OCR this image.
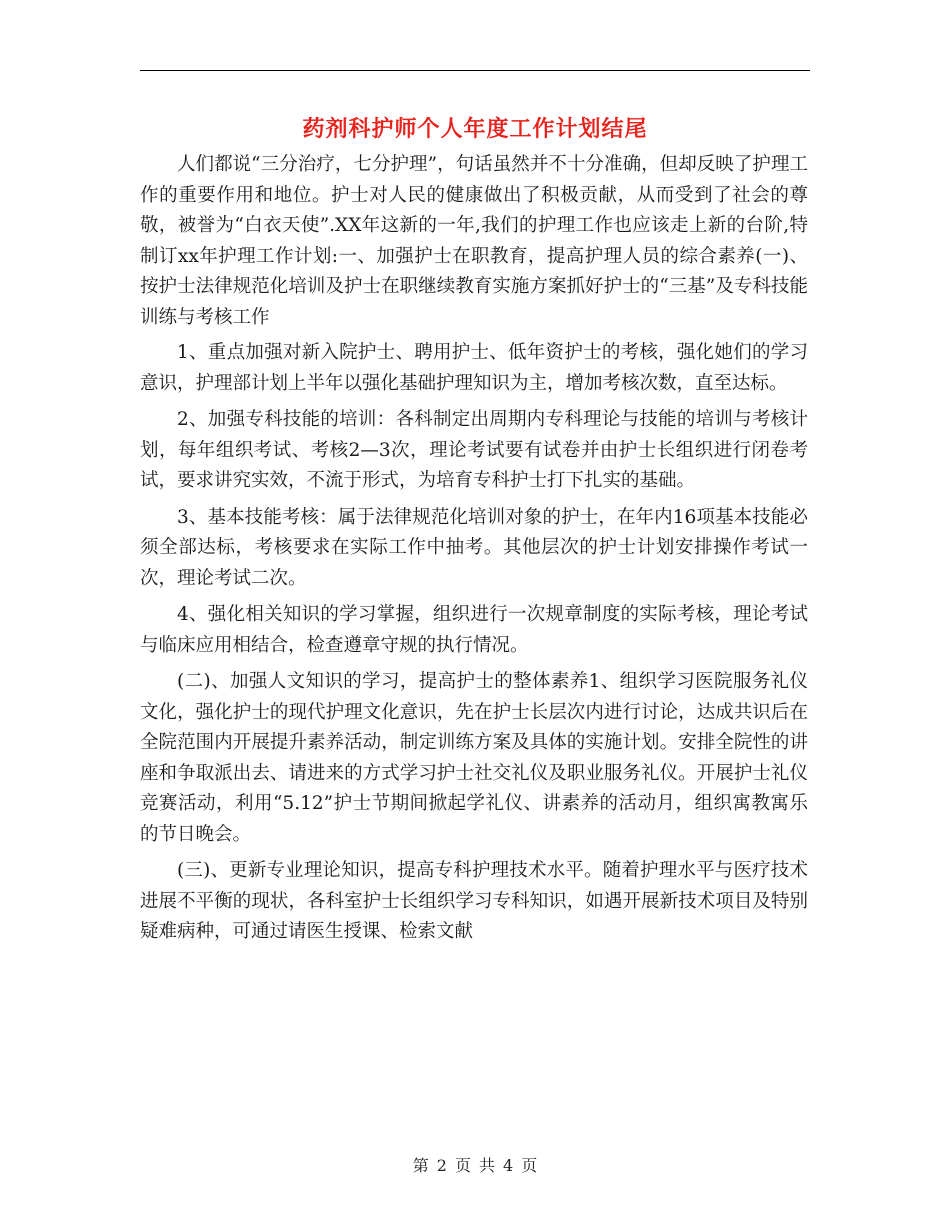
药剂科护师个人年度工作计划结尾

人们都说“三分治疗，七分护理”，句话虽然并不十分准确，但却反映了护理工作的重要作用和地位。护士对人民的健康做出了积极贡献，从而受到了社会的尊敬，被誉为“白衣天使”.XX年这新的一年,我们的护理工作也应该走上新的台阶,特制订xx年护理工作计划:一、加强护士在职教育，提高护理人员的综合素养(一)、按护士法律规范化培训及护士在职继续教育实施方案抓好护士的“三基”及专科技能训练与考核工作

1、重点加强对新入院护士、聘用护士、低年资护士的考核，强化她们的学习意识，护理部计划上半年以强化基础护理知识为主，增加考核次数，直至达标。

2、加强专科技能的培训：各科制定出周期内专科理论与技能的培训与考核计划，每年组织考试、考核2—3次，理论考试要有试卷并由护士长组织进行闭卷考试，要求讲究实效，不流于形式，为培育专科护士打下扎实的基础。

3、基本技能考核：属于法律规范化培训对象的护士，在年内16项基本技能必须全部达标，考核要求在实际工作中抽考。其他层次的护士计划安排操作考试一次，理论考试二次。

4、强化相关知识的学习掌握，组织进行一次规章制度的实际考核，理论考试与临床应用相结合，检查遵章守规的执行情况。

(二)、加强人文知识的学习，提高护士的整体素养1、组织学习医院服务礼仪文化，强化护士的现代护理文化意识，先在护士长层次内进行讨论，达成共识后在全院范围内开展提升素养活动，制定训练方案及具体的实施计划。安排全院性的讲座和争取派出去、请进来的方式学习护士社交礼仪及职业服务礼仪。开展护士礼仪竞赛活动，利用“5.12”护士节期间掀起学礼仪、讲素养的活动月，组织寓教寓乐的节日晚会。

(三)、更新专业理论知识，提高专科护理技术水平。随着护理水平与医疗技术进展不平衡的现状，各科室护士长组织学习专科知识，如遇开展新技术项目及特别疑难病种，可通过请医生授课、检索文献

第 2 页 共 4 页
